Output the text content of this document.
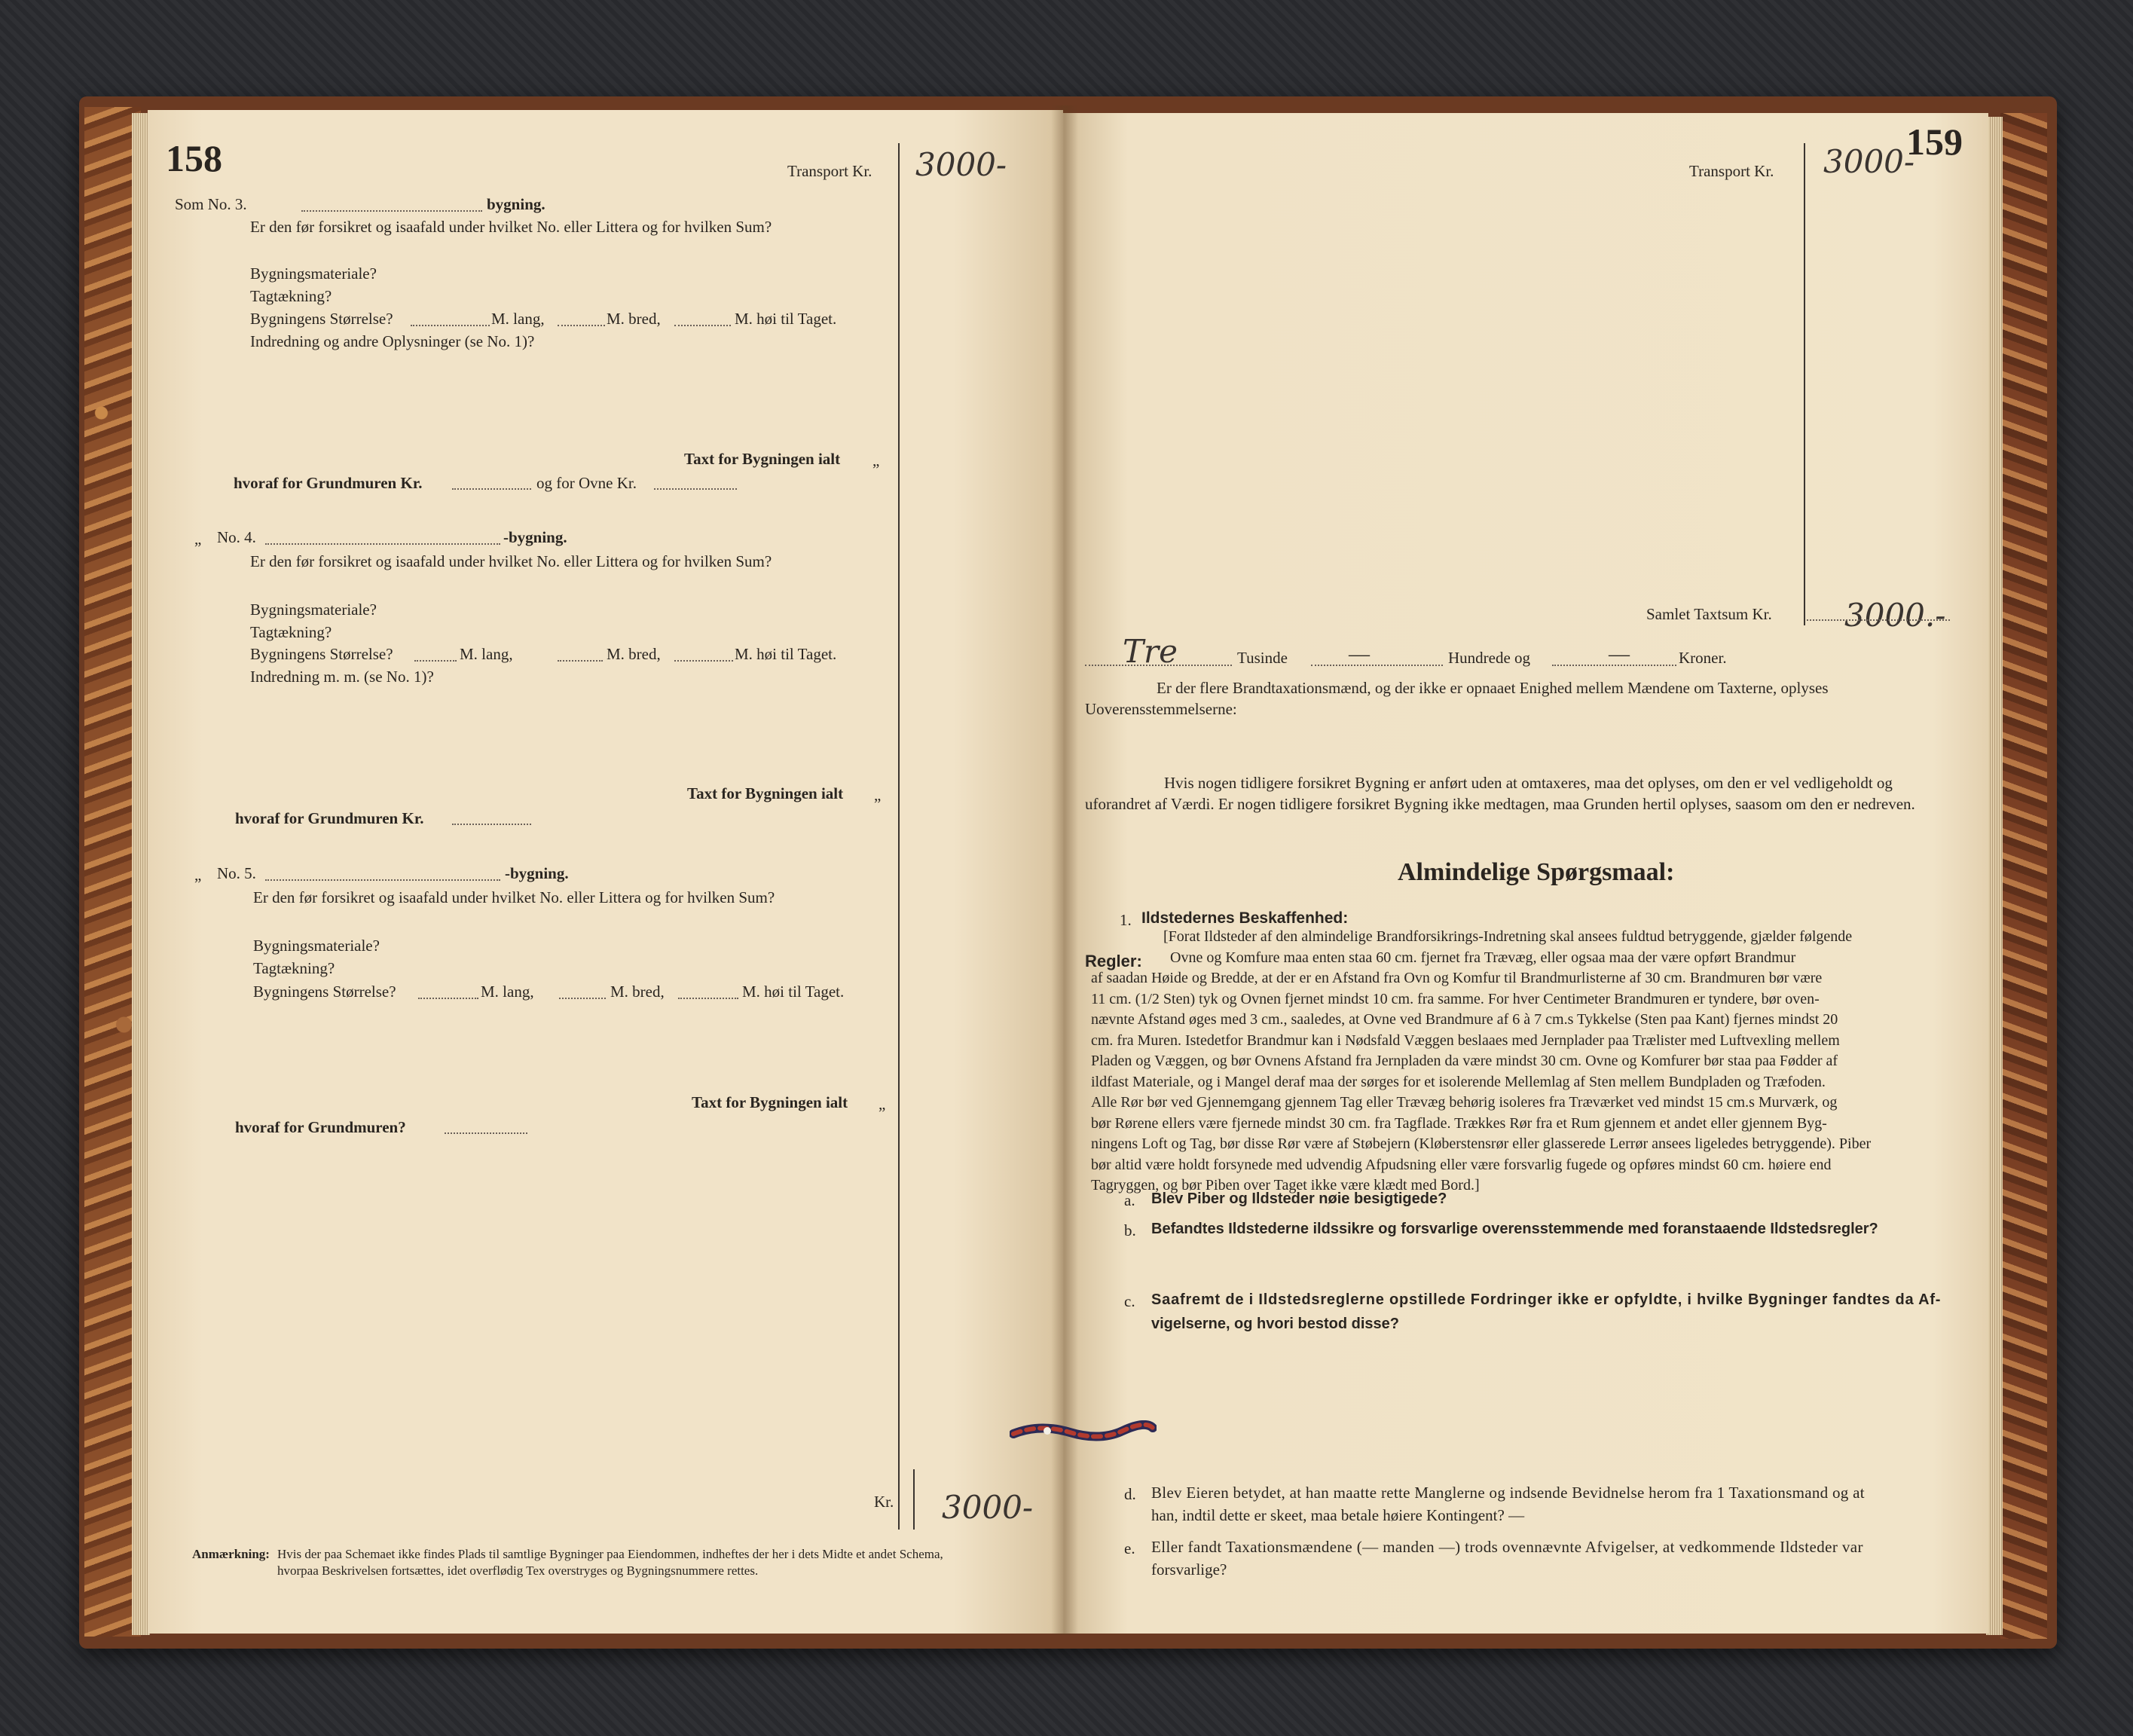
158	Transport Kr. 3000-
Som No. 3.	bygning.
Er den før forsikret og isaafald under hvilket No. eller Littera og for hvilken Sum?
Bygningsmateriale?
Tagtækning?
Bygningens Størrelse?	M. lang,	M. bred,	M. høi til Taget.
Indredning og andre Oplysninger (se No. 1)?
Taxt for Bygningen ialt „
hvoraf for Grundmuren Kr.	og for Ovne Kr.
„ No. 4.	-bygning.
Er den før forsikret og isaafald under hvilket No. eller Littera og for hvilken Sum?
Bygningsmateriale?
Tagtækning?
Bygningens Størrelse?	M. lang,	M. bred,	M. høi til Taget.
Indredning m. m. (se No. 1)?
Taxt for Bygningen ialt „
hvoraf for Grundmuren Kr.
„ No. 5.	-bygning.
Er den før forsikret og isaafald under hvilket No. eller Littera og for hvilken Sum?
Bygningsmateriale?
Tagtækning?
Bygningens Størrelse?	M. lang,	M. bred,	M. høi til Taget.
Taxt for Bygningen ialt „
hvoraf for Grundmuren?
Kr. 3000-
Anmærkning: Hvis der paa Schemaet ikke findes Plads til samtlige Bygninger paa Eiendommen, indheftes der her i dets Midte et andet Schema,
hvorpaa Beskrivelsen fortsættes, idet overflødig Tex overstryges og Bygningsnummere rettes.
159
Transport Kr. 3000-
Samlet Taxtsum Kr. 3000.-
Tre	Tusinde	—	Hundrede og	—	Kroner.
Er der flere Brandtaxationsmænd, og der ikke er opnaaet Enighed mellem Mændene om Taxterne, oplyses
Uoverensstemmelserne:
Hvis nogen tidligere forsikret Bygning er anført uden at omtaxeres, maa det oplyses, om den er vel vedligeholdt og
uforandret af Værdi. Er nogen tidligere forsikret Bygning ikke medtagen, maa Grunden hertil oplyses, saasom om den er nedreven.
Almindelige Spørgsmaal:
1. Ildstedernes Beskaffenhed:
Regler:
[Forat Ildsteder af den almindelige Brandforsikrings-Indretning skal ansees fuldtud betryggende, gjælder følgende
Ovne og Komfure maa enten staa 60 cm. fjernet fra Trævæg, eller ogsaa maa der være opført Brandmur
af saadan Høide og Bredde, at der er en Afstand fra Ovn og Komfur til Brandmurlisterne af 30 cm. Brandmuren bør være
11 cm. (1/2 Sten) tyk og Ovnen fjernet mindst 10 cm. fra samme. For hver Centimeter Brandmuren er tyndere, bør oven-
nævnte Afstand øges med 3 cm., saaledes, at Ovne ved Brandmure af 6 à 7 cm.s Tykkelse (Sten paa Kant) fjernes mindst 20
cm. fra Muren. Istedetfor Brandmur kan i Nødsfald Væggen beslaaes med Jernplader paa Trælister med Luftvexling mellem
Pladen og Væggen, og bør Ovnens Afstand fra Jernpladen da være mindst 30 cm. Ovne og Komfurer bør staa paa Fødder af
ildfast Materiale, og i Mangel deraf maa der sørges for et isolerende Mellemlag af Sten mellem Bundpladen og Træfoden.
Alle Rør bør ved Gjennemgang gjennem Tag eller Trævæg behørig isoleres fra Træværket ved mindst 15 cm.s Murværk, og
bør Rørene ellers være fjernede mindst 30 cm. fra Tagflade. Trækkes Rør fra et Rum gjennem et andet eller gjennem Byg-
ningens Loft og Tag, bør disse Rør være af Støbejern (Kløberstensrør eller glasserede Lerrør ansees ligeledes betryggende). Piber
bør altid være holdt forsynede med udvendig Afpudsning eller være forsvarlig fugede og opføres mindst 60 cm. høiere end
Tagryggen, og bør Piben over Taget ikke være klædt med Bord.]
a. Blev Piber og Ildsteder nøie besigtigede?
b. Befandtes Ildstederne ildssikre og forsvarlige overensstemmende med foranstaaende Ildstedsregler?
c. Saafremt de i Ildstedsreglerne opstillede Fordringer ikke er opfyldte, i hvilke Bygninger fandtes da Af-
vigelserne, og hvori bestod disse?
d. Blev Eieren betydet, at han maatte rette Manglerne og indsende Bevidnelse herom fra 1 Taxationsmand og at
han, indtil dette er skeet, maa betale høiere Kontingent? —
e. Eller fandt Taxationsmændene (— manden —) trods ovennævnte Afvigelser, at vedkommende Ildsteder var
forsvarlige?
